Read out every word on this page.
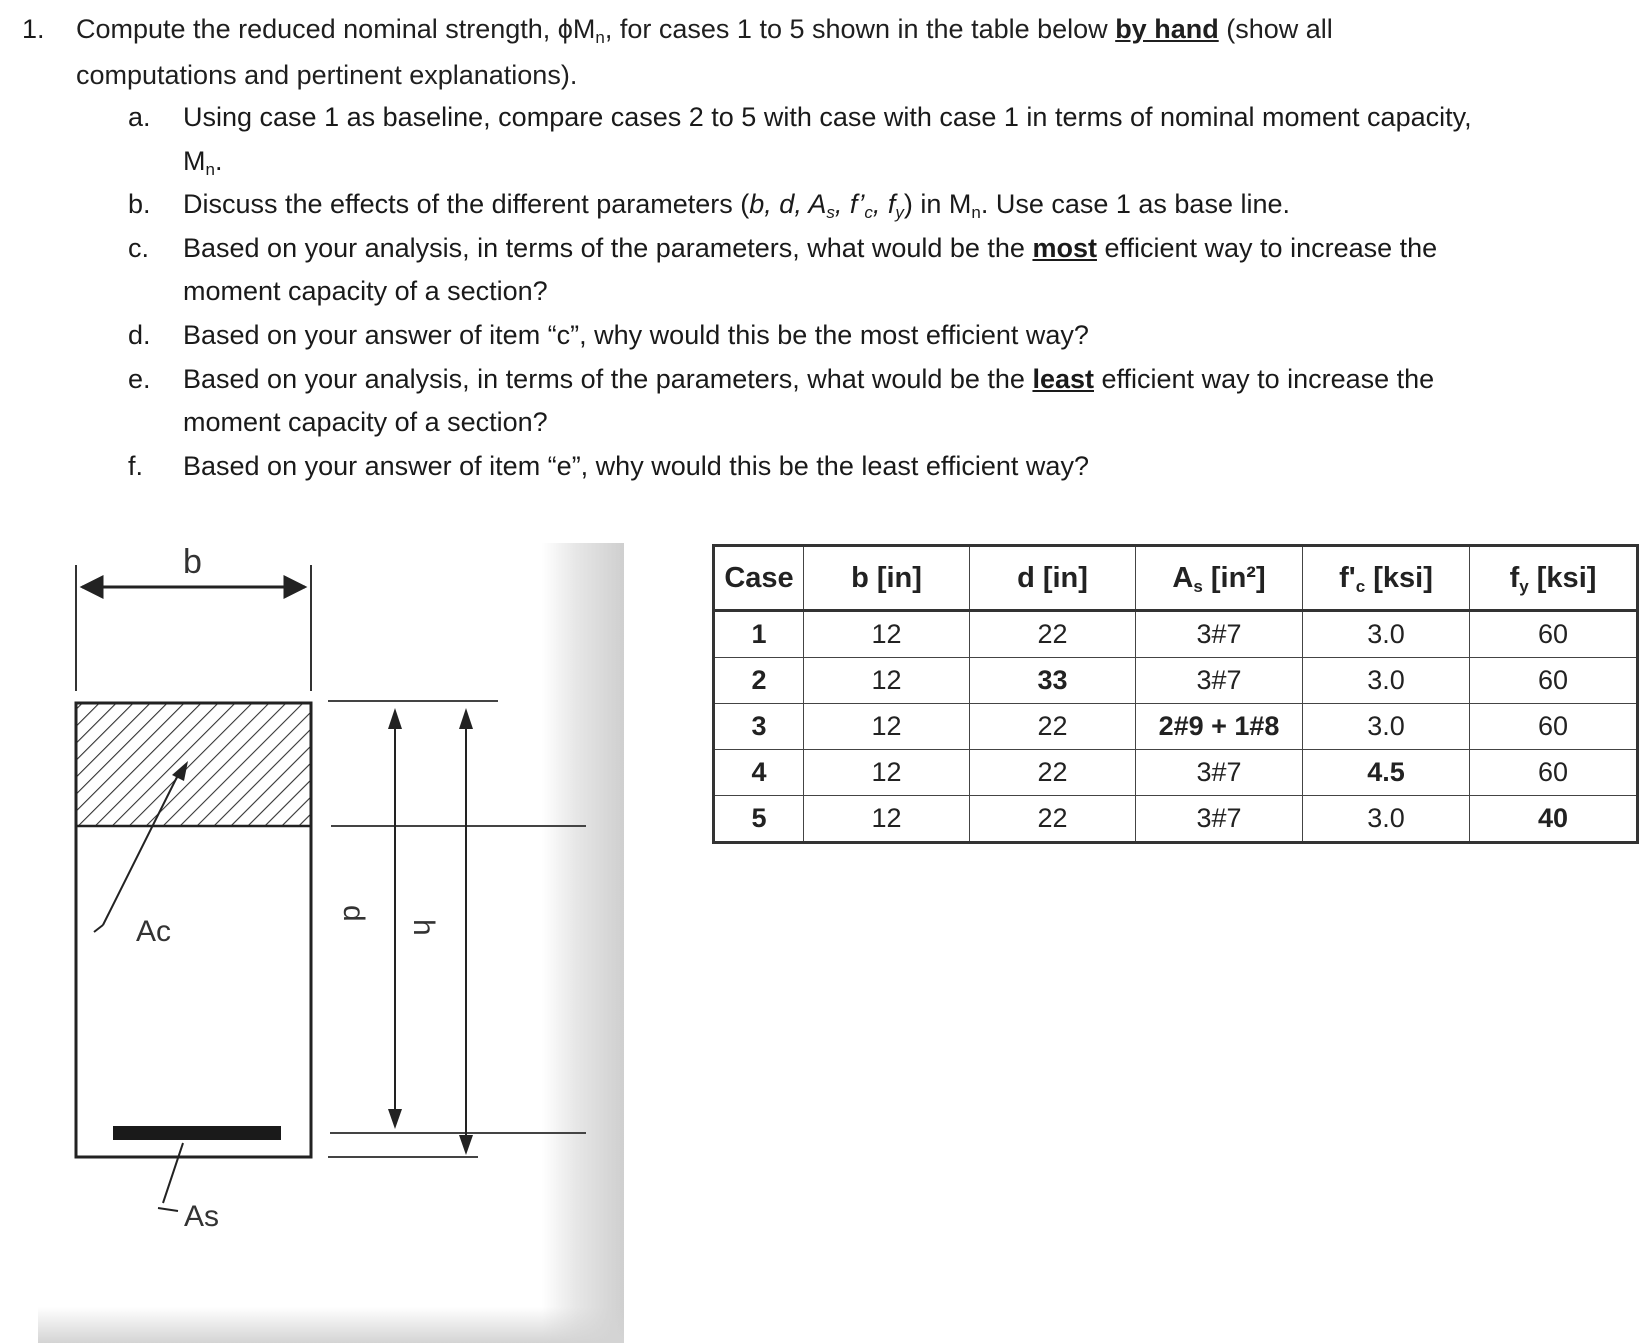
1. Compute the reduced nominal strength, $\phi M_n$, for cases 1 to 5 shown in the table below by hand (show all
computations and pertinent explanations).
a. Using case 1 as baseline, compare cases 2 to 5 with case with case 1 in terms of nominal moment capacity,
$M_n$.
b. Discuss the effects of the different parameters (b, d, $A_s$, $f’_c$, $f_y$) in $M_n$. Use case 1 as base line.
c. Based on your analysis, in terms of the parameters, what would be the most efficient way to increase the
moment capacity of a section?
d. Based on your answer of item “c”, why would this be the most efficient way?
e. Based on your analysis, in terms of the parameters, what would be the least efficient way to increase the
moment capacity of a section?
f. Based on your answer of item “e”, why would this be the least efficient way?
b
Ac
As
d
h
Case	b [in]	d [in]	$A_s$ [in²]	$f'_c$ [ksi]	$f_y$ [ksi]
1	12	22	3#7	3.0	60
2	12	33	3#7	3.0	60
3	12	22	2#9 + 1#8	3.0	60
4	12	22	3#7	4.5	60
5	12	22	3#7	3.0	40
